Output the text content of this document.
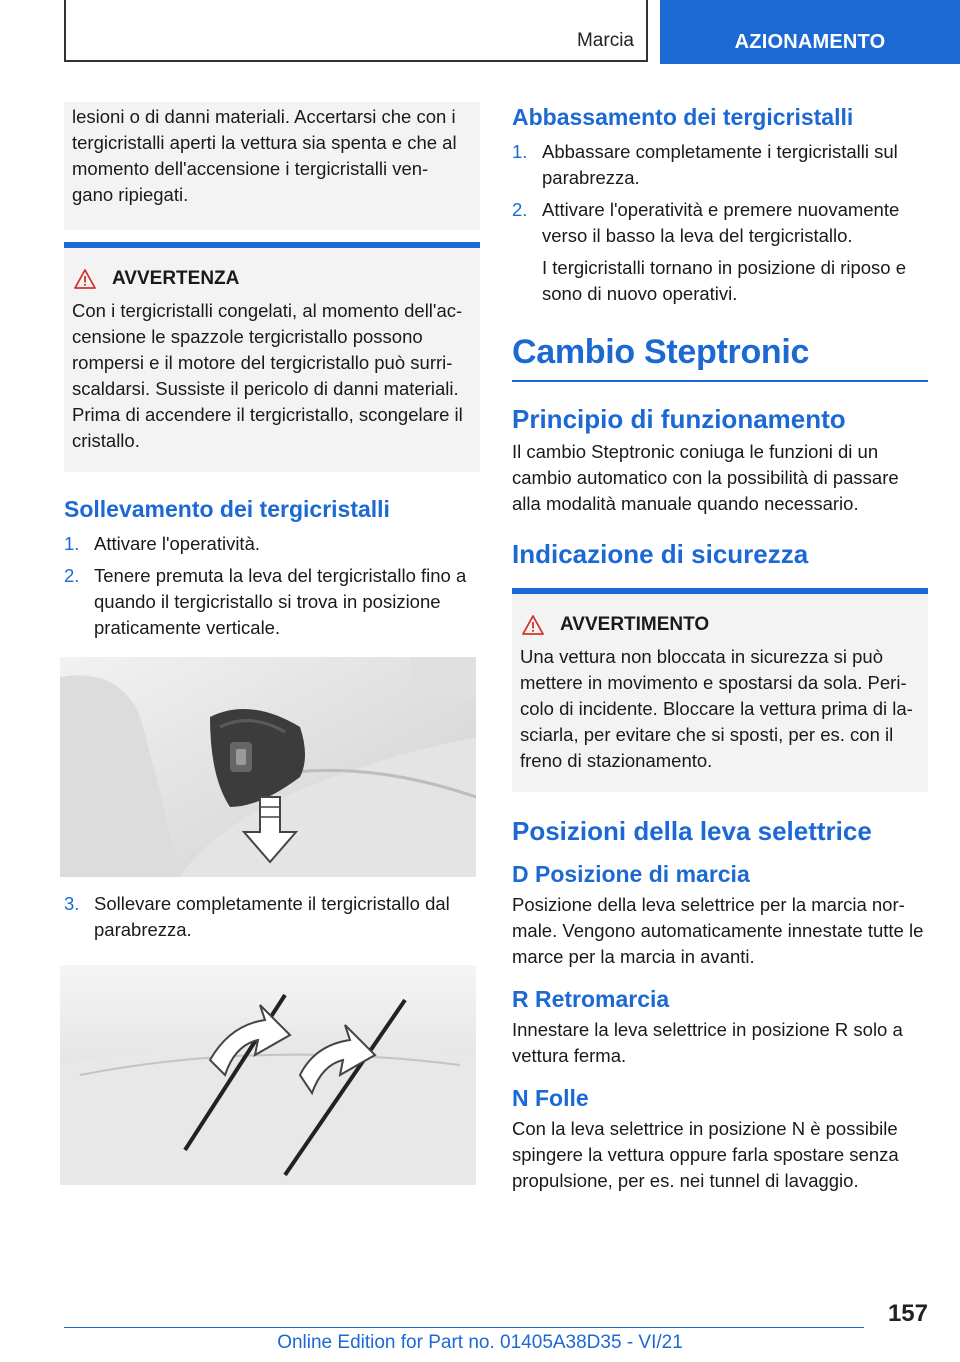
Marcia	AZIONAMENTO

lesioni o di danni materiali. Accertarsi che con i tergicristalli aperti la vettura sia spenta e che al momento dell'accensione i tergicristalli ven- gano ripiegati.

AVVERTENZA

Con i tergicristalli congelati, al momento dell'ac- censione le spazzole tergicristallo possono rompersi e il motore del tergicristallo può surri- scaldarsi. Sussiste il pericolo di danni materiali. Prima di accendere il tergicristallo, scongelare il cristallo.

Sollevamento dei tergicristalli
1. Attivare l'operatività.
2. Tenere premuta la leva del tergicristallo fino a quando il tergicristallo si trova in posizione praticamente verticale.
3. Sollevare completamente il tergicristallo dal parabrezza.
Abbassamento dei tergicristalli
1. Abbassare completamente i tergicristalli sul parabrezza.
2. Attivare l'operatività e premere nuovamente verso il basso la leva del tergicristallo.

I tergicristalli tornano in posizione di riposo e sono di nuovo operativi.

Cambio Steptronic
Principio di funzionamento

Il cambio Steptronic coniuga le funzioni di un cambio automatico con la possibilità di passare alla modalità manuale quando necessario.

Indicazione di sicurezza
AVVERTIMENTO

Una vettura non bloccata in sicurezza si può mettere in movimento e spostarsi da sola. Peri- colo di incidente. Bloccare la vettura prima di la- sciarla, per evitare che si sposti, per es. con il freno di stazionamento.

Posizioni della leva selettrice
D Posizione di marcia

Posizione della leva selettrice per la marcia nor- male. Vengono automaticamente innestate tutte le marce per la marcia in avanti.

R Retromarcia

Innestare la leva selettrice in posizione R solo a vettura ferma.

N Folle

Con la leva selettrice in posizione N è possibile spingere la vettura oppure farla spostare senza propulsione, per es. nei tunnel di lavaggio.

157
Online Edition for Part no. 01405A38D35 - VI/21
